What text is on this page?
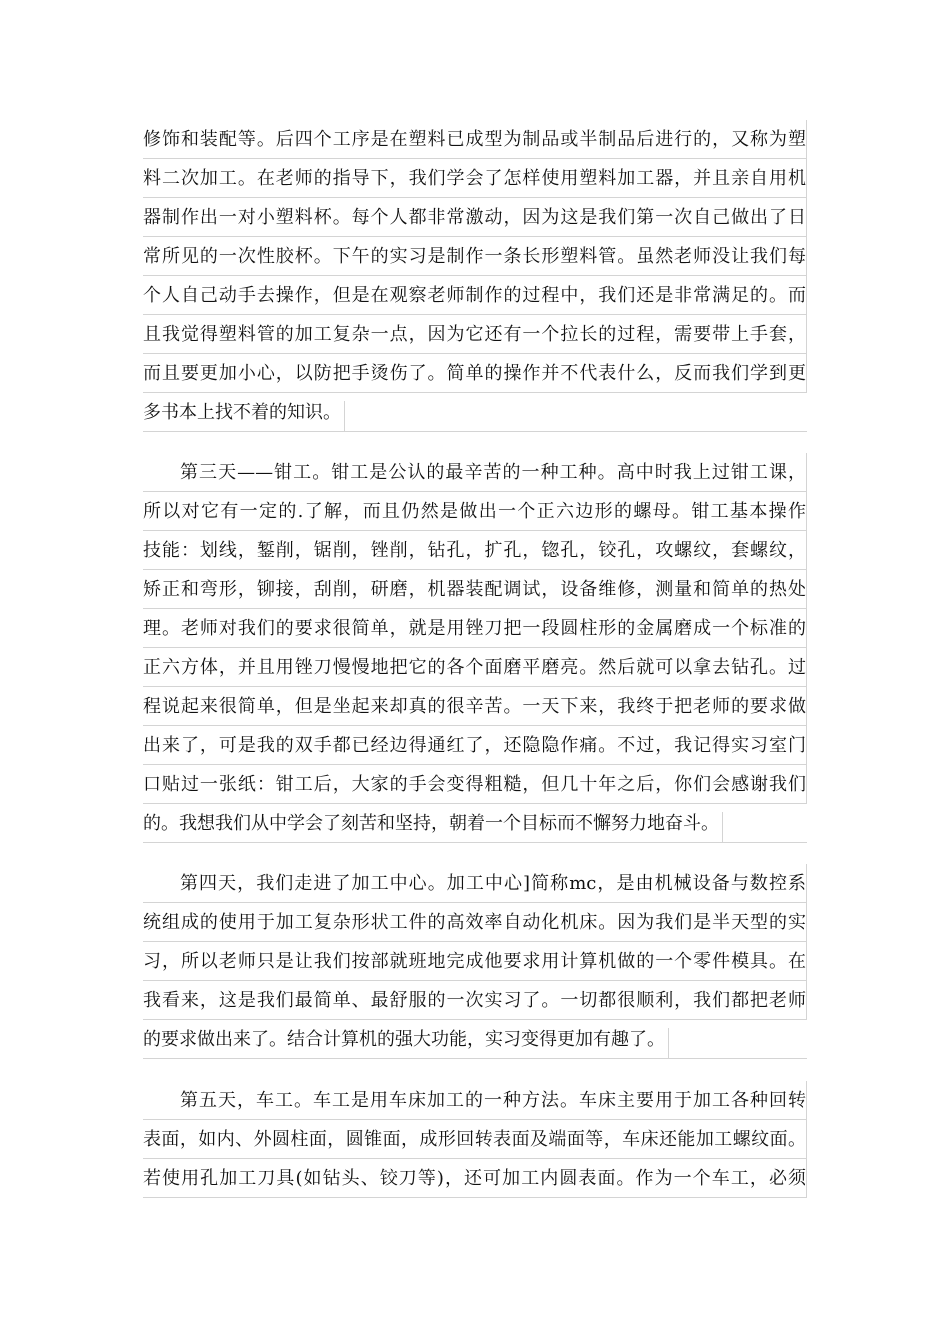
修饰和装配等。后四个工序是在塑料已成型为制品或半制品后进行的，又称为塑
料二次加工。在老师的指导下，我们学会了怎样使用塑料加工器，并且亲自用机
器制作出一对小塑料杯。每个人都非常激动，因为这是我们第一次自己做出了日
常所见的一次性胶杯。下午的实习是制作一条长形塑料管。虽然老师没让我们每
个人自己动手去操作，但是在观察老师制作的过程中，我们还是非常满足的。而
且我觉得塑料管的加工复杂一点，因为它还有一个拉长的过程，需要带上手套，
而且要更加小心，以防把手烫伤了。简单的操作并不代表什么，反而我们学到更
多书本上找不着的知识。
第三天——钳工。钳工是公认的最辛苦的一种工种。高中时我上过钳工课，
所以对它有一定的.了解，而且仍然是做出一个正六边形的螺母。钳工基本操作
技能：划线，錾削，锯削，锉削，钻孔，扩孔，锪孔，铰孔，攻螺纹，套螺纹，
矫正和弯形，铆接，刮削，研磨，机器装配调试，设备维修，测量和简单的热处
理。老师对我们的要求很简单，就是用锉刀把一段圆柱形的金属磨成一个标准的
正六方体，并且用锉刀慢慢地把它的各个面磨平磨亮。然后就可以拿去钻孔。过
程说起来很简单，但是坐起来却真的很辛苦。一天下来，我终于把老师的要求做
出来了，可是我的双手都已经边得通红了，还隐隐作痛。不过，我记得实习室门
口贴过一张纸：钳工后，大家的手会变得粗糙，但几十年之后，你们会感谢我们
的。我想我们从中学会了刻苦和坚持，朝着一个目标而不懈努力地奋斗。
第四天，我们走进了加工中心。加工中心]简称mc，是由机械设备与数控系
统组成的使用于加工复杂形状工件的高效率自动化机床。因为我们是半天型的实
习，所以老师只是让我们按部就班地完成他要求用计算机做的一个零件模具。在
我看来，这是我们最简单、最舒服的一次实习了。一切都很顺利，我们都把老师
的要求做出来了。结合计算机的强大功能，实习变得更加有趣了。
第五天，车工。车工是用车床加工的一种方法。车床主要用于加工各种回转
表面，如内、外圆柱面，圆锥面，成形回转表面及端面等，车床还能加工螺纹面。
若使用孔加工刀具(如钻头、铰刀等)，还可加工内圆表面。作为一个车工，必须
